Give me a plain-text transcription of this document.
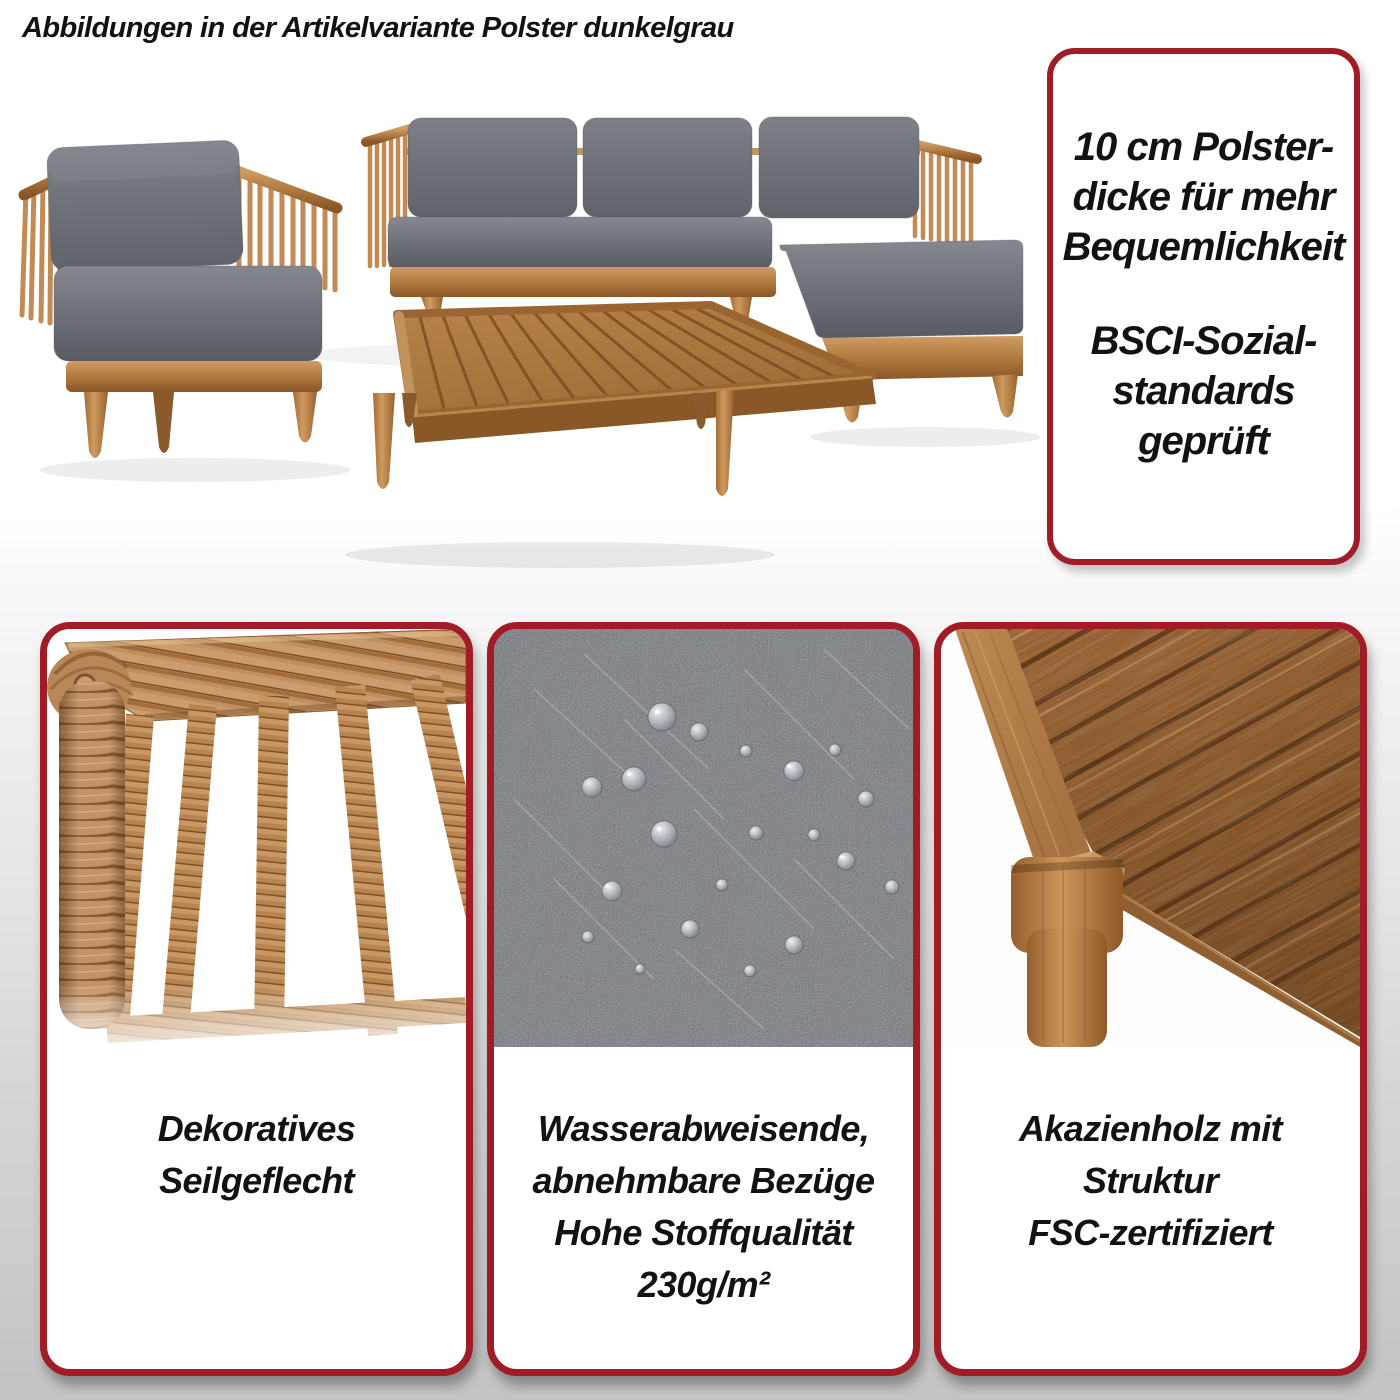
Abbildungen in der Artikelvariante Polster dunkelgrau

10 cm Polster-
dicke für mehr
Bequemlichkeit

BSCI-Sozial-
standards
geprüft

Dekoratives
Seilgeflecht
Wasserabweisende,
abnehmbare Bezüge
Hohe Stoffqualität
230g/m²
Akazienholz mit
Struktur
FSC-zertifiziert
